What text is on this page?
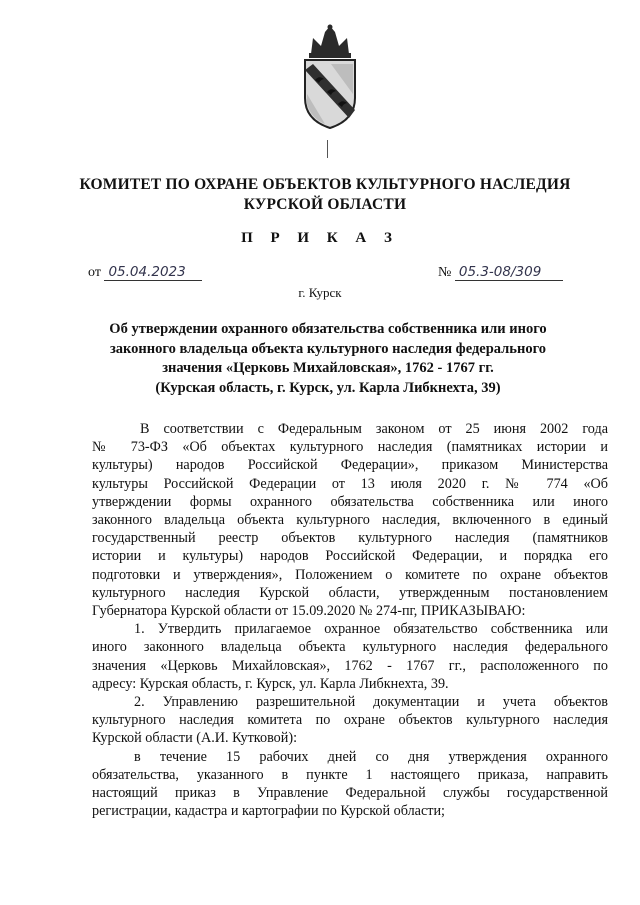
КОМИТЕТ ПО ОХРАНЕ ОБЪЕКТОВ КУЛЬТУРНОГО НАСЛЕДИЯ
КУРСКОЙ ОБЛАСТИ
П Р И К А З
от 05.04.2023	№ 05.3-08/309
г. Курск
Об утверждении охранного обязательства собственника или иного
законного владельца объекта культурного наследия федерального
значения «Церковь Михайловская», 1762 - 1767 гг.
(Курская область, г. Курск, ул. Карла Либкнехта, 39)
В соответствии с Федеральным законом от 25 июня 2002 года
№ 73-ФЗ «Об объектах культурного наследия (памятниках истории и
культуры) народов Российской Федерации», приказом Министерства
культуры Российской Федерации от 13 июля 2020 г. № 774 «Об
утверждении формы охранного обязательства собственника или иного
законного владельца объекта культурного наследия, включенного в единый
государственный реестр объектов культурного наследия (памятников
истории и культуры) народов Российской Федерации, и порядка его
подготовки и утверждения», Положением о комитете по охране объектов
культурного наследия Курской области, утвержденным постановлением
Губернатора Курской области от 15.09.2020 № 274-пг, ПРИКАЗЫВАЮ:
1. Утвердить прилагаемое охранное обязательство собственника или
иного законного владельца объекта культурного наследия федерального
значения «Церковь Михайловская», 1762 - 1767 гг., расположенного по
адресу: Курская область, г. Курск, ул. Карла Либкнехта, 39.
2. Управлению разрешительной документации и учета объектов
культурного наследия комитета по охране объектов культурного наследия
Курской области (А.И. Кутковой):
в течение 15 рабочих дней со дня утверждения охранного
обязательства, указанного в пункте 1 настоящего приказа, направить
настоящий приказ в Управление Федеральной службы государственной
регистрации, кадастра и картографии по Курской области;
